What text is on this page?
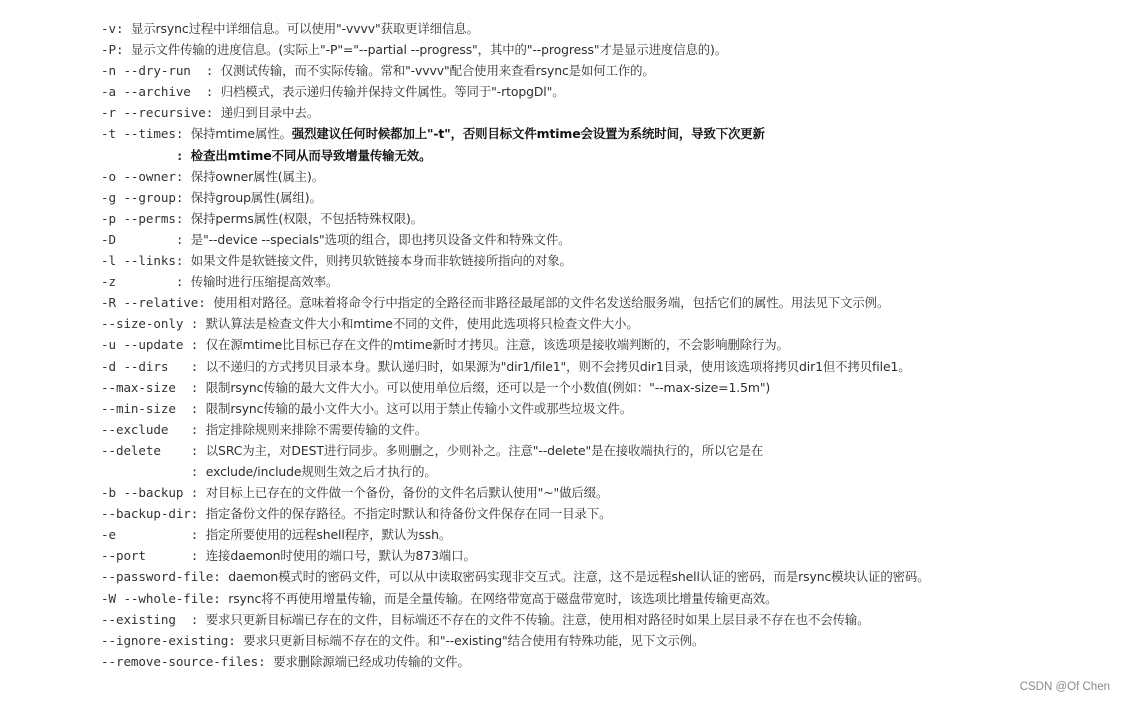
-v: 显示rsync过程中详细信息。可以使用"-vvvv"获取更详细信息。
-P: 显示文件传输的进度信息。(实际上"-P"="--partial --progress"，其中的"--progress"才是显示进度信息的)。
-n --dry-run  : 仅测试传输，而不实际传输。常和"-vvvv"配合使用来查看rsync是如何工作的。
-a --archive  : 归档模式，表示递归传输并保持文件属性。等同于"-rtopgDl"。
-r --recursive: 递归到目录中去。
-t --times: 保持mtime属性。强烈建议任何时候都加上"-t"，否则目标文件mtime会设置为系统时间，导致下次更新
: 检查出mtime不同从而导致增量传输无效。
-o --owner: 保持owner属性(属主)。
-g --group: 保持group属性(属组)。
-p --perms: 保持perms属性(权限，不包括特殊权限)。
-D        : 是"--device --specials"选项的组合，即也拷贝设备文件和特殊文件。
-l --links: 如果文件是软链接文件，则拷贝软链接本身而非软链接所指向的对象。
-z        : 传输时进行压缩提高效率。
-R --relative: 使用相对路径。意味着将命令行中指定的全路径而非路径最尾部的文件名发送给服务端，包括它们的属性。用法见下文示例。
--size-only : 默认算法是检查文件大小和mtime不同的文件，使用此选项将只检查文件大小。
-u --update : 仅在源mtime比目标已存在文件的mtime新时才拷贝。注意，该选项是接收端判断的，不会影响删除行为。
-d --dirs   : 以不递归的方式拷贝目录本身。默认递归时，如果源为"dir1/file1"，则不会拷贝dir1目录，使用该选项将拷贝dir1但不拷贝file1。
--max-size  : 限制rsync传输的最大文件大小。可以使用单位后缀，还可以是一个小数值(例如："--max-size=1.5m")
--min-size  : 限制rsync传输的最小文件大小。这可以用于禁止传输小文件或那些垃圾文件。
--exclude   : 指定排除规则来排除不需要传输的文件。
--delete    : 以SRC为主，对DEST进行同步。多则删之，少则补之。注意"--delete"是在接收端执行的，所以它是在
: exclude/include规则生效之后才执行的。
-b --backup : 对目标上已存在的文件做一个备份，备份的文件名后默认使用"~"做后缀。
--backup-dir: 指定备份文件的保存路径。不指定时默认和待备份文件保存在同一目录下。
-e          : 指定所要使用的远程shell程序，默认为ssh。
--port      : 连接daemon时使用的端口号，默认为873端口。
--password-file: daemon模式时的密码文件，可以从中读取密码实现非交互式。注意，这不是远程shell认证的密码，而是rsync模块认证的密码。
-W --whole-file: rsync将不再使用增量传输，而是全量传输。在网络带宽高于磁盘带宽时，该选项比增量传输更高效。
--existing  : 要求只更新目标端已存在的文件，目标端还不存在的文件不传输。注意，使用相对路径时如果上层目录不存在也不会传输。
--ignore-existing: 要求只更新目标端不存在的文件。和"--existing"结合使用有特殊功能，见下文示例。
--remove-source-files: 要求删除源端已经成功传输的文件。
CSDN @Of Chen
